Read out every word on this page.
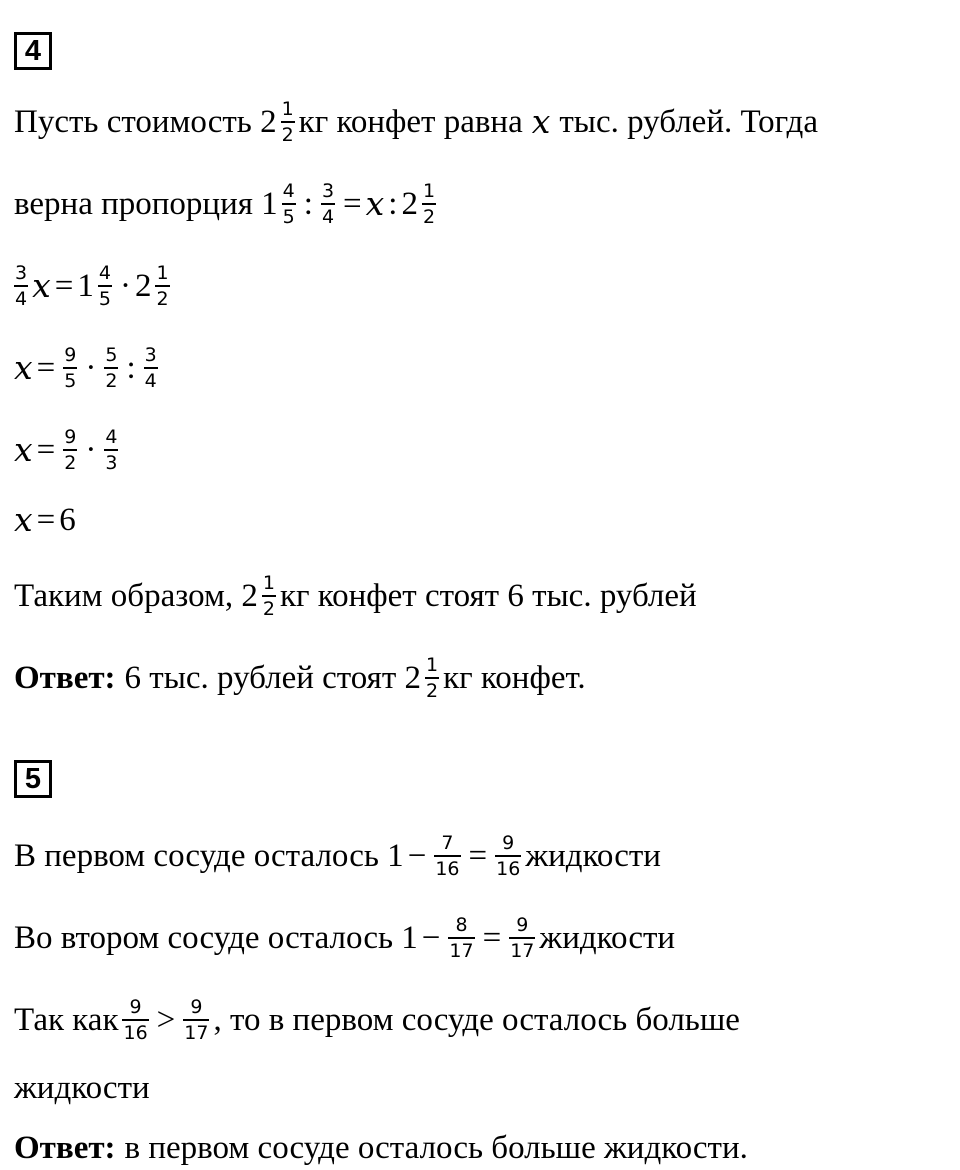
4
Пусть стоимость $2 \frac{1}{2}$ кг конфет равна x тыс. рублей. Тогда
верна пропорция $1 \frac{4}{5}$ : $\frac{3}{4} = x$ : $2 \frac{1}{2}$
$\frac{3}{4}$ $x = 1 \frac{4}{5} \cdot 2 \frac{1}{2}$
$x = \frac{9}{5} \cdot \frac{5}{2}$ : $\frac{3}{4}$
$x = \frac{9}{2} \cdot \frac{4}{3}$
x = 6
Таким образом, $2 \frac{1}{2}$ кг конфет стоят 6 тыс. рублей
Ответ: 6 тыс. рублей стоят $2 \frac{1}{2}$ кг конфет.
5
В первом сосуде осталось $1 - \frac{7}{16} = \frac{9}{16}$ жидкости
Во втором сосуде осталось $1 - \frac{8}{17} = \frac{9}{17}$ жидкости
Так как $\frac{9}{16} > \frac{9}{17}$ , то в первом сосуде осталось больше
жидкости
Ответ: в первом сосуде осталось больше жидкости.
